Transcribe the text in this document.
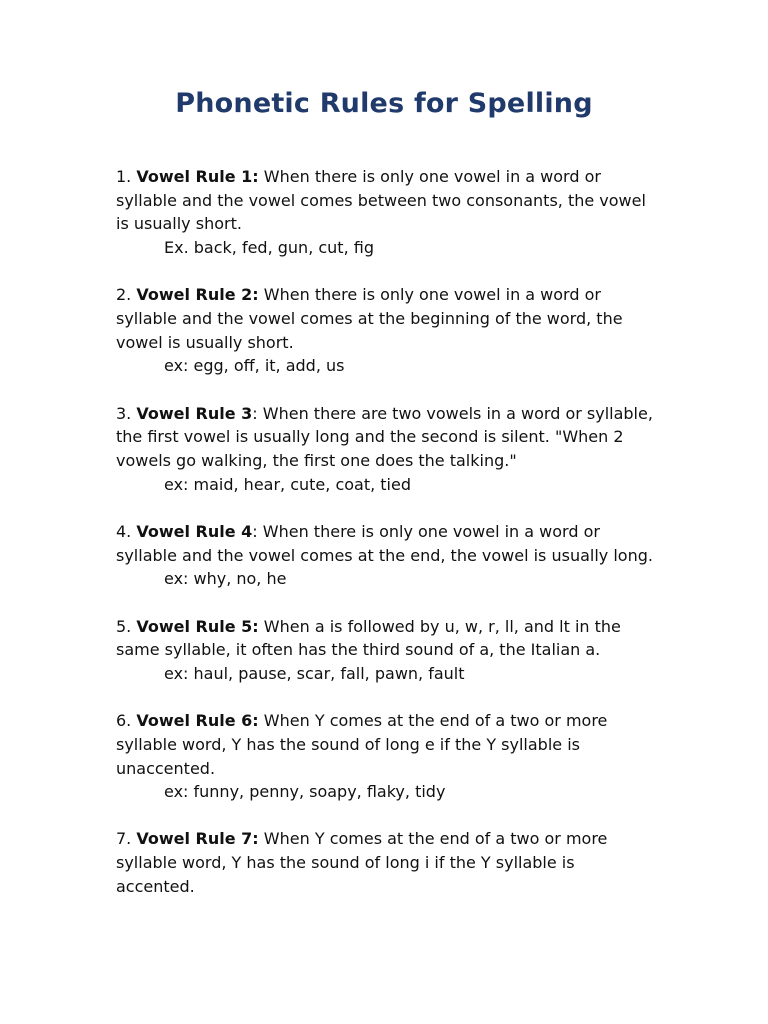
Phonetic Rules for Spelling
1. Vowel Rule 1: When there is only one vowel in a word or syllable and the vowel comes between two consonants, the vowel is usually short.
Ex. back, fed, gun, cut, fig
2. Vowel Rule 2: When there is only one vowel in a word or syllable and the vowel comes at the beginning of the word, the vowel is usually short.
ex: egg, off, it, add, us
3. Vowel Rule 3: When there are two vowels in a word or syllable, the first vowel is usually long and the second is silent. "When 2 vowels go walking, the first one does the talking."
ex: maid, hear, cute, coat, tied
4. Vowel Rule 4: When there is only one vowel in a word or syllable and the vowel comes at the end, the vowel is usually long.
ex: why, no, he
5. Vowel Rule 5: When a is followed by u, w, r, ll, and lt in the same syllable, it often has the third sound of a, the Italian a.
ex: haul, pause, scar, fall, pawn, fault
6. Vowel Rule 6: When Y comes at the end of a two or more syllable word, Y has the sound of long e if the Y syllable is unaccented.
ex: funny, penny, soapy, flaky, tidy
7. Vowel Rule 7: When Y comes at the end of a two or more syllable word, Y has the sound of long i if the Y syllable is accented.
